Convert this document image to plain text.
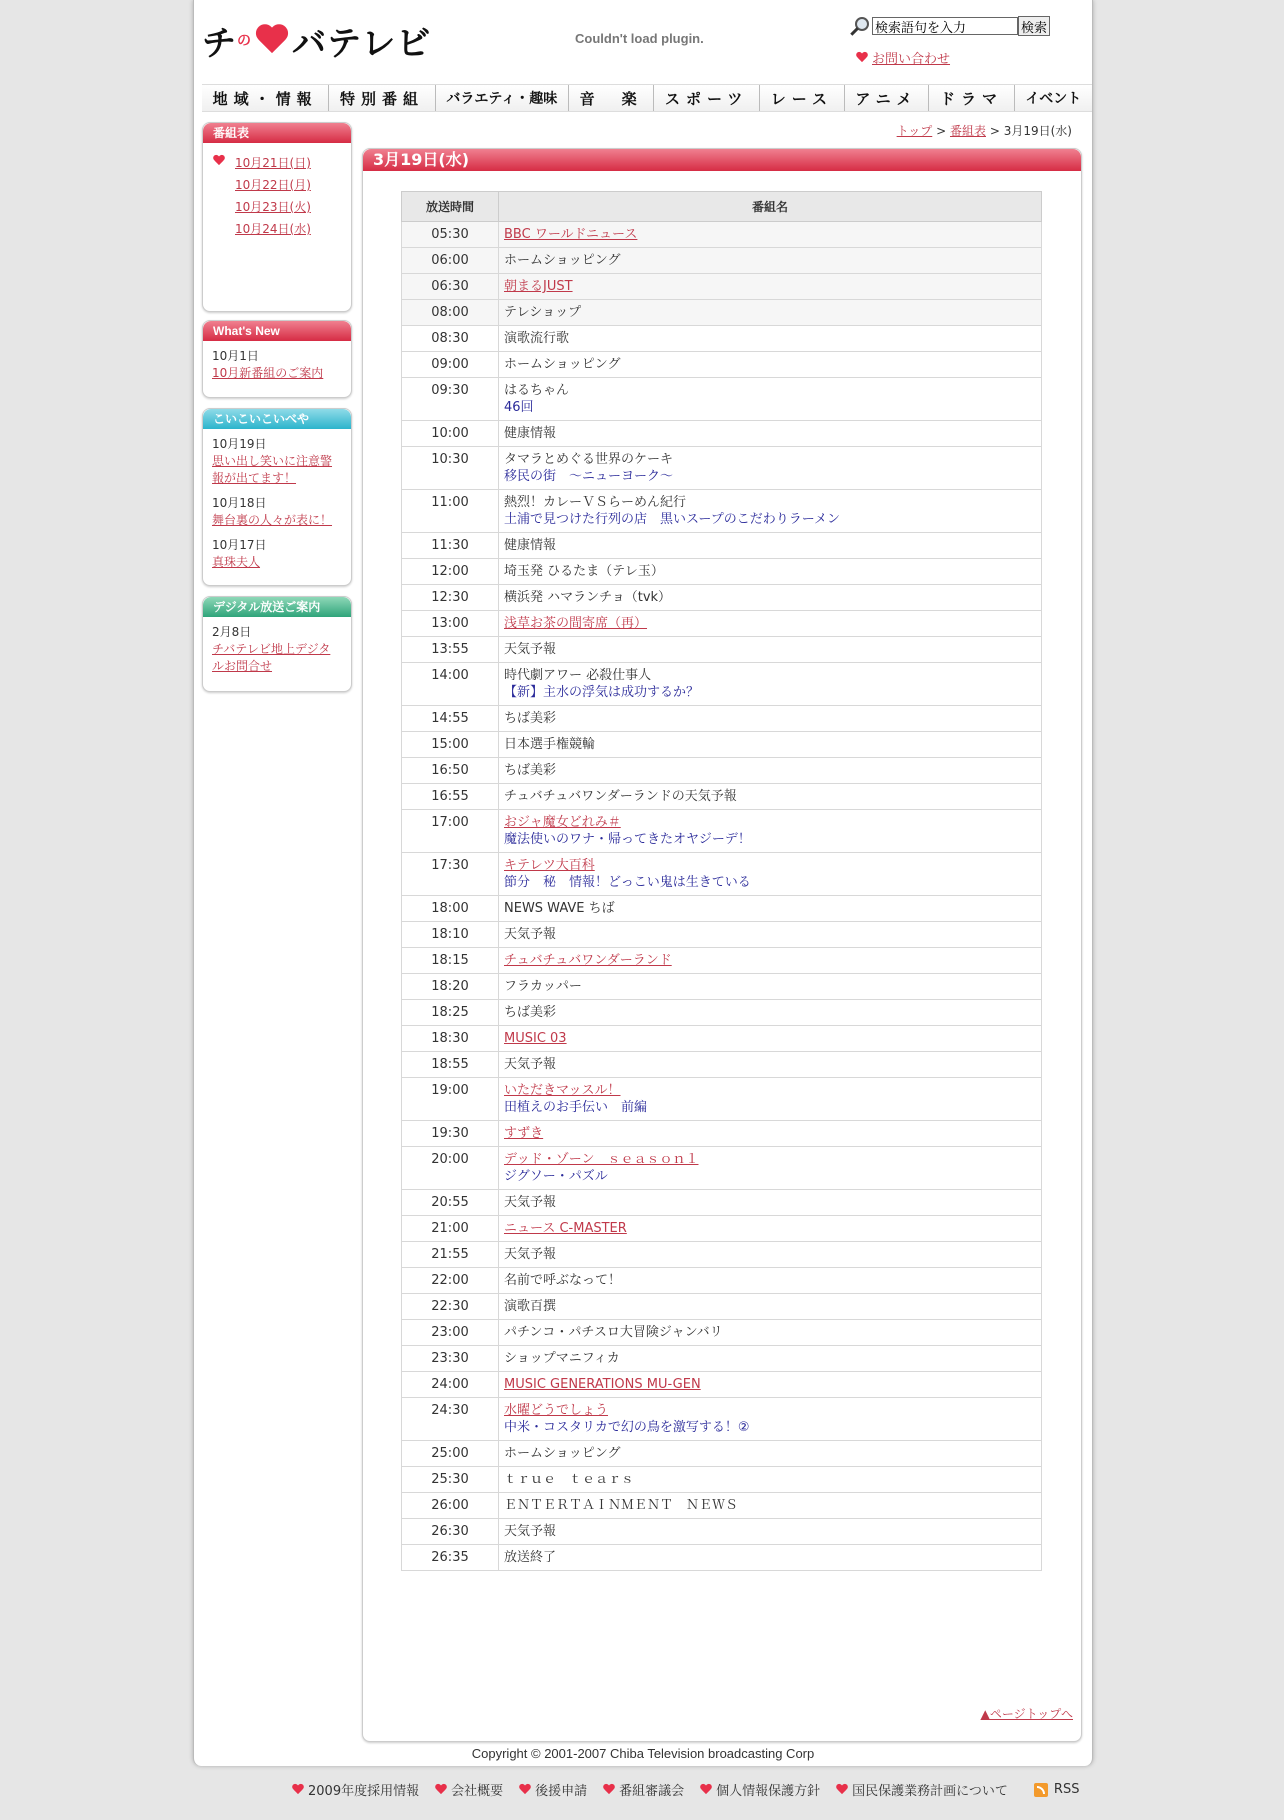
チ の バテレビ	Couldn't load plugin.
検索語句を入力
検索
お問い合わせ
地域・情報	特別番組	バラエティ・趣味	音　楽	スポーツ	レース	アニメ	ドラマ	イベント
番組表
10月21日(日)
10月22日(月)
10月23日(火)
10月24日(水)
What's New
10月1日
10月新番組のご案内
こいこいこいべや
10月19日
思い出し笑いに注意警報が出てます！
10月18日
舞台裏の人々が表に！
10月17日
真珠夫人
デジタル放送ご案内
2月8日
チバテレビ地上デジタルお問合せ
トップ > 番組表 > 3月19日(水)
3月19日(水)
放送時間	番組名
05:30	BBC ワールドニュース
06:00	ホームショッピング

06:30	朝まるJUST
08:00	テレショップ

08:30	演歌流行歌

09:00	ホームショッピング

09:30	はるちゃん
46回

10:00	健康情報

10:30	タマラとめぐる世界のケーキ
移民の街　～ニューヨーク～

11:00	熱烈！カレーＶＳらーめん紀行
土浦で見つけた行列の店　黒いスープのこだわりラーメン

11:30	健康情報

12:00	埼玉発 ひるたま（テレ玉）

12:30	横浜発 ハマランチョ（tvk）

13:00	浅草お茶の間寄席（再）
13:55	天気予報

14:00	時代劇アワー 必殺仕事人
【新】主水の浮気は成功するか？

14:55	ちば美彩

15:00	日本選手権競輪

16:50	ちば美彩

16:55	チュバチュバワンダーランドの天気予報

17:00	おジャ魔女どれみ＃
魔法使いのワナ・帰ってきたオヤジーデ！

17:30	キテレツ大百科
節分　秘　情報！どっこい鬼は生きている

18:00	NEWS WAVE ちば

18:10	天気予報

18:15	チュバチュバワンダーランド
18:20	フラカッパー

18:25	ちば美彩

18:30	MUSIC 03
18:55	天気予報

19:00	いただきマッスル！
田植えのお手伝い　前編

19:30	すずき
20:00	デッド・ゾーン　ｓｅａｓｏｎ１
ジグソー・パズル

20:55	天気予報

21:00	ニュース C-MASTER
21:55	天気予報

22:00	名前で呼ぶなって！

22:30	演歌百撰

23:00	パチンコ・パチスロ大冒険ジャンバリ

23:30	ショップマニフィカ

24:00	MUSIC GENERATIONS MU-GEN
24:30	水曜どうでしょう
中米・コスタリカで幻の鳥を激写する！②

25:00	ホームショッピング

25:30	ｔｒｕｅ　ｔｅａｒｓ

26:00	ＥＮＴＥＲＴＡＩＮＭＥＮＴ　ＮＥＷＳ

26:30	天気予報

26:35	放送終了
▲ページトップへ
Copyright © 2001-2007 Chiba Television broadcasting Corp
2009年度採用情報 会社概要 後援申請 番組審議会 個人情報保護方針 国民保護業務計画について	RSS
